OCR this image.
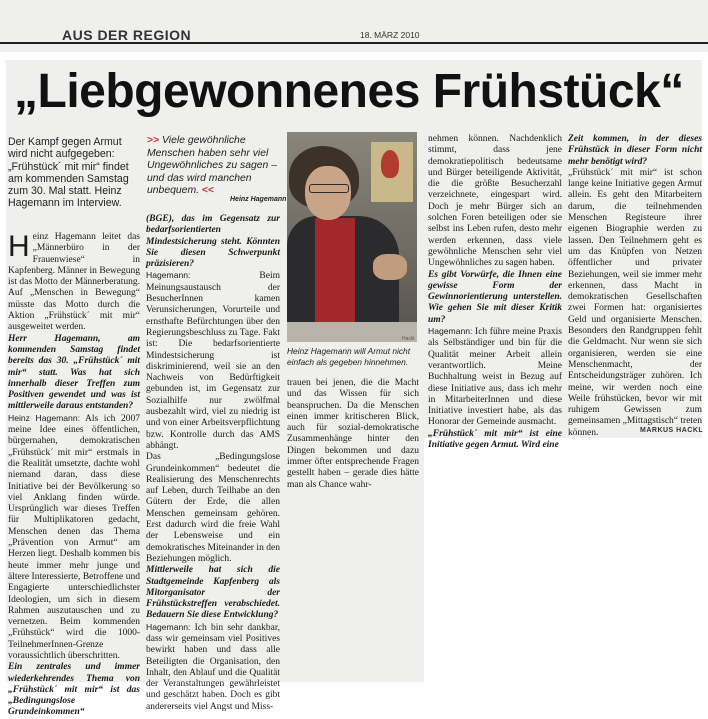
AUS DER REGION	18. MÄRZ 2010
„Liebgewonnenes Frühstück“
Der Kampf gegen Armut wird nicht aufgegeben: „Frühstück´ mit mir“ findet am kommenden Samstag zum 30. Mal statt. Heinz Hagemann im Interview.
>> Viele gewöhnliche Menschen haben sehr viel Ungewöhnliches zu sagen – und das wird manchen unbequem. <<
Heinz Hagemann
Hackl
Heinz Hagemann will Armut nicht einfach als gegeben hinnehmen.

Heinz Hagemann leitet das „Männerbüro in der Frauenwiese“ in Kapfenberg. Männer in Bewegung ist das Motto der Männerberatung. Auf „Menschen in Bewegung“ müsste das Motto durch die Aktion „Frühstück´ mit mir“ ausgeweitet werden.

Herr Hagemann, am kommenden Samstag findet bereits das 30. „Frühstück´ mit mir“ statt. Was hat sich innerhalb dieser Treffen zum Positiven gewendet und was ist mittlerweile daraus entstanden?

Heinz Hagemann: Als ich 2007 meine Idee eines öffentlichen, bürgernahen, demokratischen „Frühstück´ mit mir“ erstmals in die Realität umsetzte, dachte wohl niemand daran, dass diese Initiative bei der Bevölkerung so viel Anklang finden würde. Ursprünglich war dieses Treffen für Multiplikatoren gedacht, Menschen denen das Thema „Prävention von Armut“ am Herzen liegt. Deshalb kommen bis heute immer mehr junge und ältere Interessierte, Betroffene und Engagierte unterschiedlichster Ideologien, um sich in diesem Rahmen auszutauschen und zu vernetzen. Beim kommenden „Frühstück“ wird die 1000-TeilnehmerInnen-Grenze voraussichtlich überschritten.

Ein zentrales und immer wiederkehrendes Thema von „Frühstück´ mit mir“ ist das „Bedingungslose Grundeinkommen“

(BGE), das im Gegensatz zur bedarfsorientierten Mindestsicherung steht. Könnten Sie diesen Schwerpunkt präzisieren?

Hagemann:	Beim Meinungsaustausch der BesucherInnen kamen Verunsicherungen, Vorurteile und ernsthafte Befürchtungen über den Regierungsbeschluss zu Tage. Fakt ist: Die bedarfsorientierte Mindestsicherung ist diskriminierend, weil sie an den Nachweis von Bedürftigkeit gebunden ist, im Gegensatz zur Sozialhilfe nur zwölfmal ausbezahlt wird, viel zu niedrig ist und von einer Arbeitsverpflichtung bzw. Kontrolle durch das AMS abhängt.

Das „Bedingungslose Grundeinkommen“ bedeutet die Realisierung des Menschenrechts auf Leben, durch Teilhabe an den Gütern der Erde, die allen Menschen gemeinsam gehören. Erst dadurch wird die freie Wahl der Lebensweise und ein demokratisches Miteinander in den Beziehungen möglich.

Mittlerweile hat sich die Stadtgemeinde Kapfenberg als Mitorganisator der Frühstückstreffen verabschiedet. Bedauern Sie diese Entwicklung?

Hagemann: Ich bin sehr dankbar, dass wir gemeinsam viel Positives bewirkt haben und dass alle Beteiligten die Organisation, den Inhalt, den Ablauf und die Qualität der Veranstaltungen gewährleistet und geschätzt haben. Doch es gibt andererseits viel Angst und Miss-

trauen bei jenen, die die Macht und das Wissen für sich beanspruchen. Da die Menschen einen immer kritischeren Blick, auch für sozial-demokratische Zusammenhänge hinter den Dingen bekommen und dazu immer öfter entsprechende Fragen gestellt haben – gerade dies hätte man als Chance wahr-

nehmen können. Nachdenklich stimmt, dass jene demokratiepolitisch bedeutsame und Bürger beteiligende Aktivität, die die größte Besucherzahl verzeichnete, eingespart wird. Doch je mehr Bürger sich an solchen Foren beteiligen oder sie selbst ins Leben rufen, desto mehr werden erkennen, dass viele gewöhnliche Menschen sehr viel Ungewöhnliches zu sagen haben.

Es gibt Vorwürfe, die Ihnen eine gewisse Form der Gewinnorientierung unterstellen. Wie gehen Sie mit dieser Kritik um?

Hagemann: Ich führe meine Praxis als Selbständiger und bin für die Qualität meiner Arbeit allein verantwortlich. Meine Buchhaltung weist in Bezug auf diese Initiative aus, dass ich mehr in MitarbeiterInnen und diese Initiative investiert habe, als das Honorar der Gemeinde ausmacht.

„Frühstück´ mit mir“ ist eine Initiative gegen Armut. Wird eine

Zeit kommen, in der dieses Frühstück in dieser Form nicht mehr benötigt wird?

„Frühstück´ mit mir“ ist schon lange keine Initiative gegen Armut allein. Es geht den Mitarbeitern darum, die teilnehmenden Menschen Registeure ihrer eigenen Biographie werden zu lassen. Den Teilnehmern geht es um das Knüpfen von Netzen öffentlicher und privater Beziehungen, weil sie immer mehr erkennen, dass Macht in demokratischen Gesellschaften zwei Formen hat: organisiertes Geld und organisierte Menschen. Besonders den Randgruppen fehlt die Geldmacht. Nur wenn sie sich organisieren, werden sie eine Menschenmacht, der Entscheidungsträger zuhören. Ich meine, wir werden noch eine Weile frühstücken, bevor wir mit ruhigem Gewissen zum gemeinsamen „Mittagstisch“ treten können.	MARKUS HACKL
